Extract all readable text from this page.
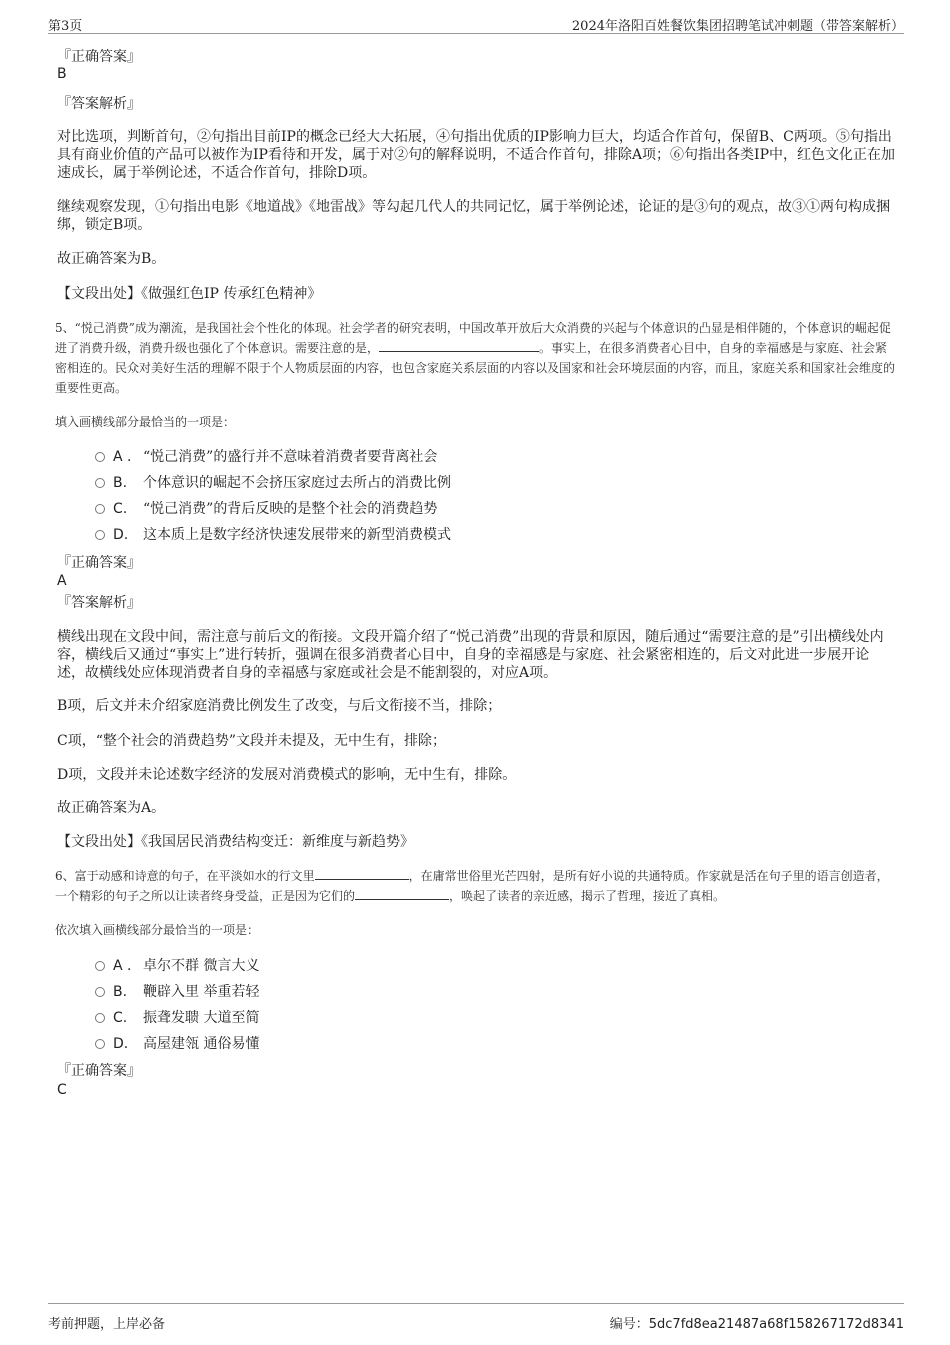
第3页	2024年洛阳百姓餐饮集团招聘笔试冲刺题（带答案解析）
『正确答案』
B
『答案解析』
对比选项，判断首句，②句指出目前IP的概念已经大大拓展，④句指出优质的IP影响力巨大，均适合作首句，保留B、C两项。⑤句指出具有商业价值的产品可以被作为IP看待和开发，属于对②句的解释说明，不适合作首句，排除A项；⑥句指出各类IP中，红色文化正在加速成长，属于举例论述，不适合作首句，排除D项。
继续观察发现，①句指出电影《地道战》《地雷战》等勾起几代人的共同记忆，属于举例论述，论证的是③句的观点，故③①两句构成捆绑，锁定B项。
故正确答案为B。
【文段出处】《做强红色IP 传承红色精神》
5、“悦己消费”成为潮流，是我国社会个性化的体现。社会学者的研究表明，中国改革开放后大众消费的兴起与个体意识的凸显是相伴随的，个体意识的崛起促进了消费升级，消费升级也强化了个体意识。需要注意的是，	。事实上，在很多消费者心目中，自身的幸福感是与家庭、社会紧密相连的。民众对美好生活的理解不限于个人物质层面的内容，也包含家庭关系层面的内容以及国家和社会环境层面的内容，而且，家庭关系和国家社会维度的重要性更高。
填入画横线部分最恰当的一项是：
A . “悦己消费”的盛行并不意味着消费者要背离社会
B. 个体意识的崛起不会挤压家庭过去所占的消费比例
C. “悦己消费”的背后反映的是整个社会的消费趋势
D. 这本质上是数字经济快速发展带来的新型消费模式
『正确答案』
A
『答案解析』
横线出现在文段中间，需注意与前后文的衔接。文段开篇介绍了“悦己消费”出现的背景和原因，随后通过“需要注意的是”引出横线处内容，横线后又通过“事实上”进行转折，强调在很多消费者心目中，自身的幸福感是与家庭、社会紧密相连的，后文对此进一步展开论述，故横线处应体现消费者自身的幸福感与家庭或社会是不能割裂的，对应A项。
B项，后文并未介绍家庭消费比例发生了改变，与后文衔接不当，排除；
C项，“整个社会的消费趋势”文段并未提及，无中生有，排除；
D项，文段并未论述数字经济的发展对消费模式的影响，无中生有，排除。
故正确答案为A。
【文段出处】《我国居民消费结构变迁：新维度与新趋势》
6、富于动感和诗意的句子，在平淡如水的行文里	，在庸常世俗里光芒四射，是所有好小说的共通特质。作家就是活在句子里的语言创造者，一个精彩的句子之所以让读者终身受益，正是因为它们的	，唤起了读者的亲近感，揭示了哲理，接近了真相。
依次填入画横线部分最恰当的一项是：
A . 卓尔不群 微言大义
B. 鞭辟入里 举重若轻
C. 振聋发聩 大道至简
D. 高屋建瓴 通俗易懂
『正确答案』
C
考前押题，上岸必备	编号：5dc7fd8ea21487a68f158267172d8341
